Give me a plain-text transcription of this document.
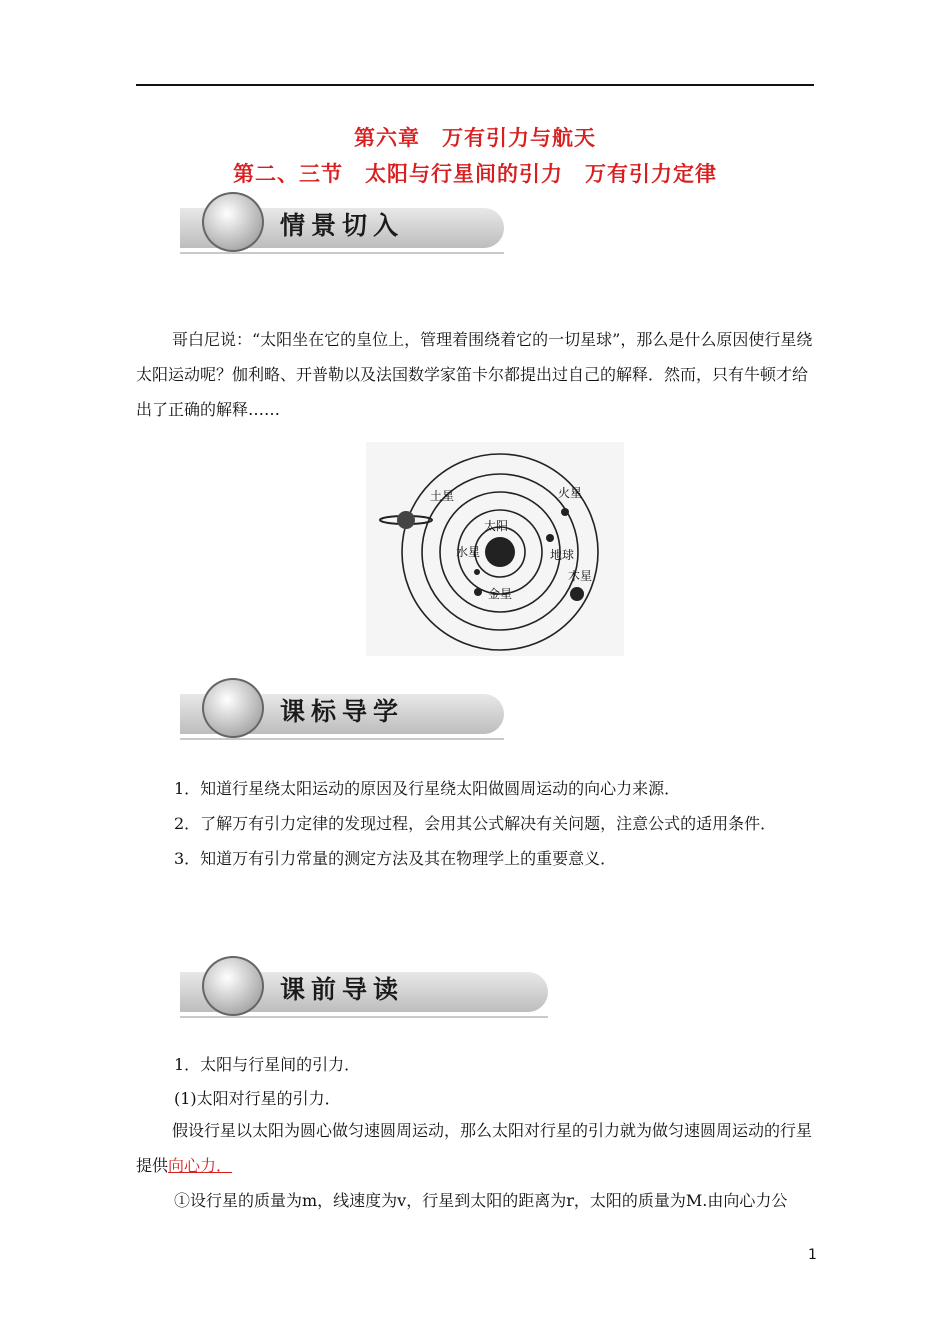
第六章　万有引力与航天
第二、三节　太阳与行星间的引力　万有引力定律
情景切入
哥白尼说：“太阳坐在它的皇位上，管理着围绕着它的一切星球”，那么是什么原因使行星绕太阳运动呢？伽利略、开普勒以及法国数学家笛卡尔都提出过自己的解释．然而，只有牛顿才给出了正确的解释……
太阳
水星
金星
地球
火星
木星
土星
课标导学
1．知道行星绕太阳运动的原因及行星绕太阳做圆周运动的向心力来源．
2．了解万有引力定律的发现过程，会用其公式解决有关问题，注意公式的适用条件．
3．知道万有引力常量的测定方法及其在物理学上的重要意义．
课前导读
1．太阳与行星间的引力．
(1)太阳对行星的引力．
假设行星以太阳为圆心做匀速圆周运动，那么太阳对行星的引力就为做匀速圆周运动的行星提供向心力．
①设行星的质量为m，线速度为v，行星到太阳的距离为r，太阳的质量为M.由向心力公
1
